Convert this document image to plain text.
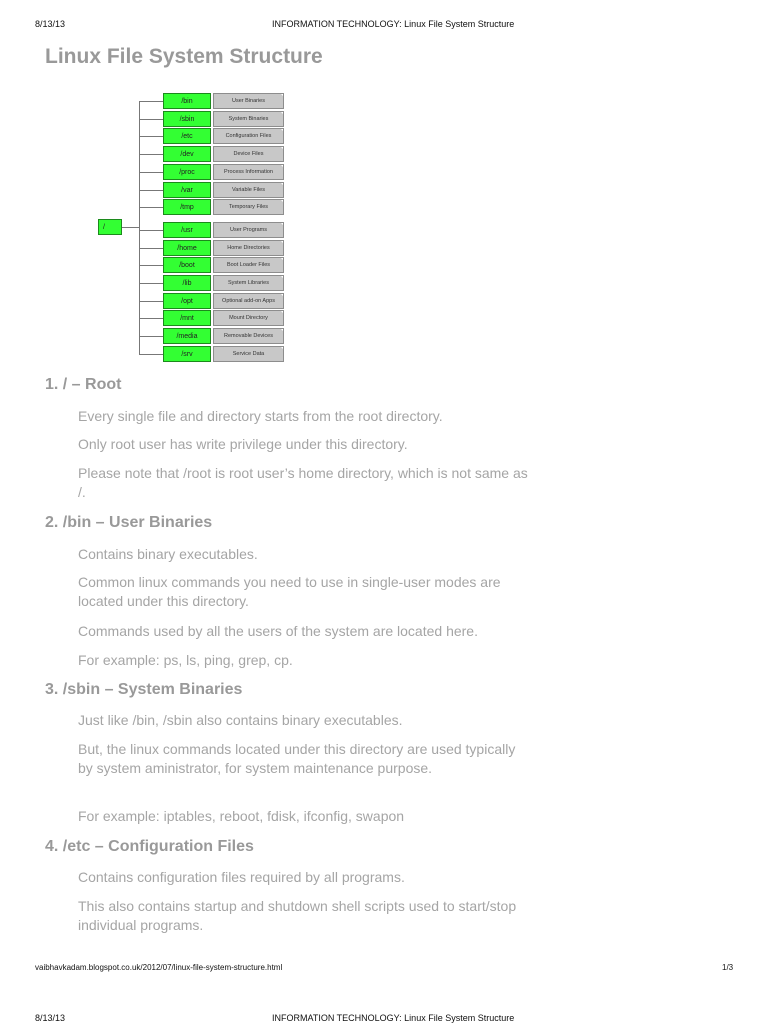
8/13/13	INFORMATION TECHNOLOGY: Linux File System Structure
Linux File System Structure
/
/bin	User Binaries
/sbin	System Binaries
/etc	Configuration Files
/dev	Device Files
/proc	Process Information
/var	Variable Files
/tmp	Temporary Files
/usr	User Programs
/home	Home Directories
/boot	Boot Loader Files
/lib	System Libraries
/opt	Optional add-on Apps
/mnt	Mount Directory
/media	Removable Devices
/srv	Service Data
1. / – Root

Every single file and directory starts from the root directory.

Only root user has write privilege under this directory.

Please note that /root is root user’s home directory, which is not same as /.

2. /bin – User Binaries

Contains binary executables.

Common linux commands you need to use in single-user modes are located under this directory.

Commands used by all the users of the system are located here.

For example: ps, ls, ping, grep, cp.

3. /sbin – System Binaries

Just like /bin, /sbin also contains binary executables.

But, the linux commands located under this directory are used typically by system aministrator, for system maintenance purpose.

For example: iptables, reboot, fdisk, ifconfig, swapon

4. /etc – Configuration Files

Contains configuration files required by all programs.

This also contains startup and shutdown shell scripts used to start/stop individual programs.

vaibhavkadam.blogspot.co.uk/2012/07/linux-file-system-structure.html	1/3
8/13/13	INFORMATION TECHNOLOGY: Linux File System Structure
